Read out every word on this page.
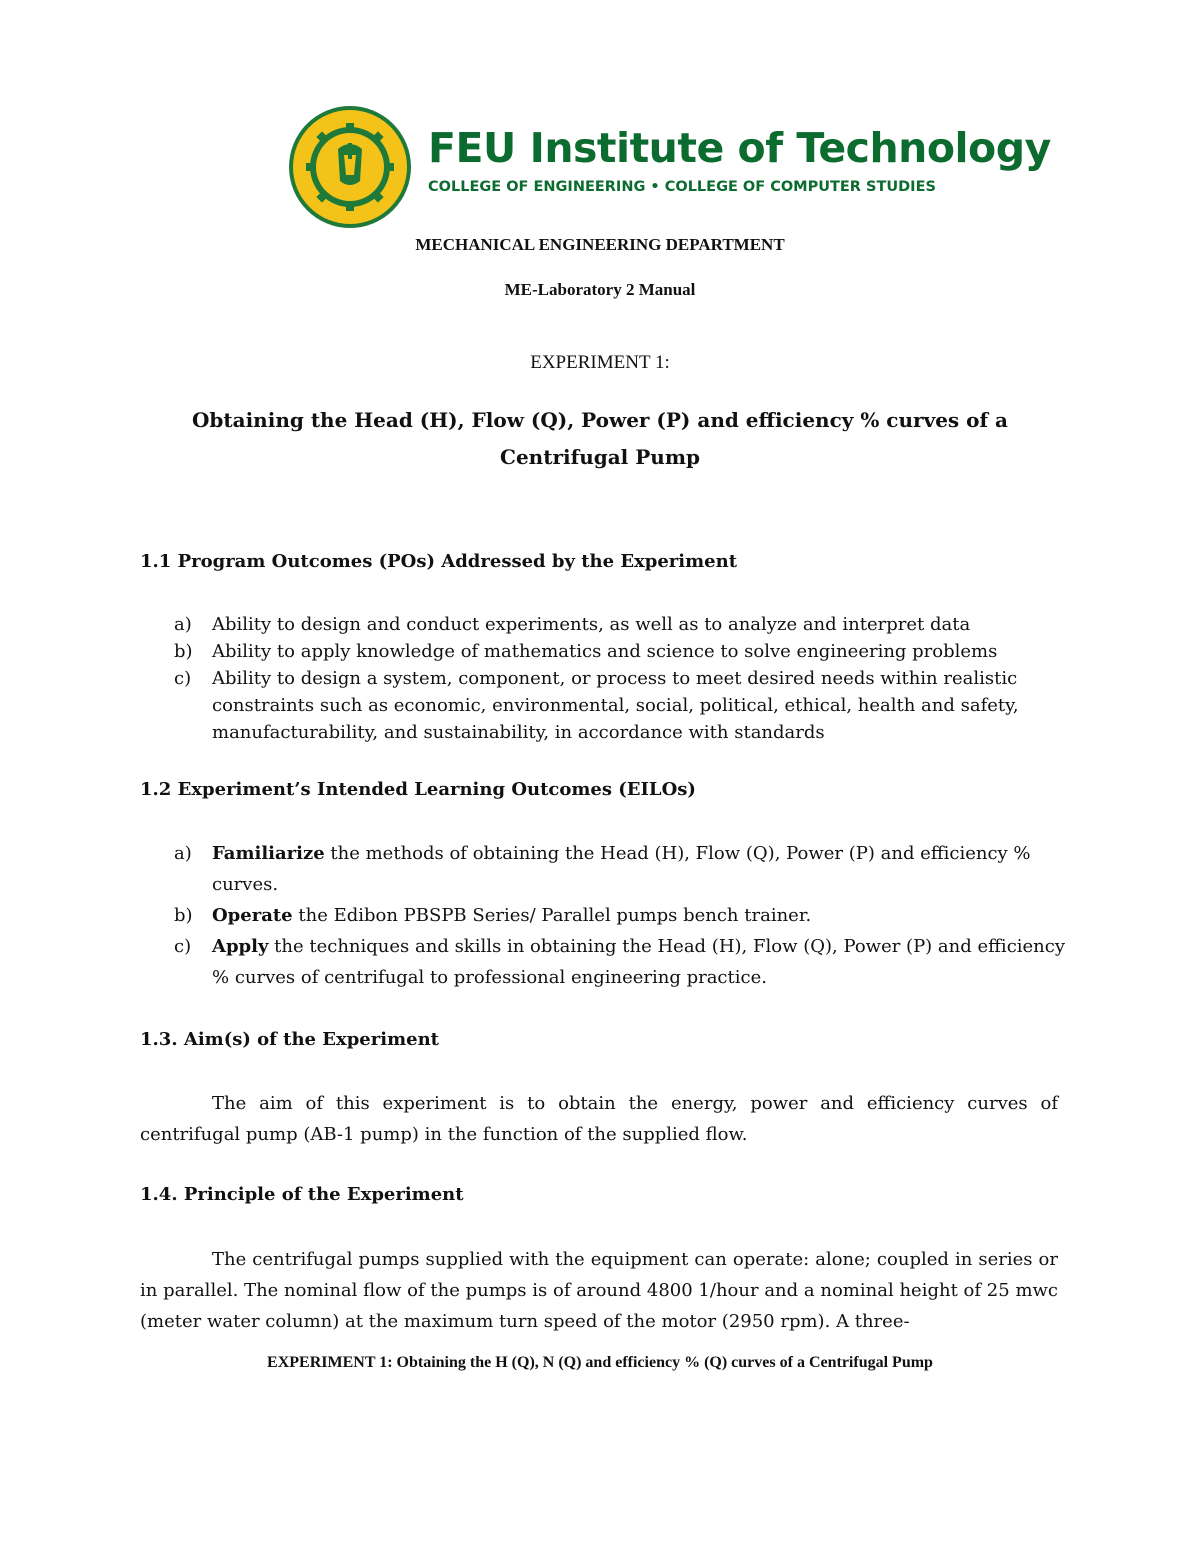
FEU Institute of Technology
COLLEGE OF ENGINEERING • COLLEGE OF COMPUTER STUDIES
MECHANICAL ENGINEERING DEPARTMENT
ME-Laboratory 2 Manual
EXPERIMENT 1:
Obtaining the Head (H), Flow (Q), Power (P) and efficiency % curves of a
Centrifugal Pump
1.1 Program Outcomes (POs) Addressed by the Experiment
a) Ability to design and conduct experiments, as well as to analyze and interpret data
b) Ability to apply knowledge of mathematics and science to solve engineering problems
c) Ability to design a system, component, or process to meet desired needs within realistic constraints such as economic, environmental, social, political, ethical, health and safety, manufacturability, and sustainability, in accordance with standards
1.2 Experiment’s Intended Learning Outcomes (EILOs)
a) Familiarize the methods of obtaining the Head (H), Flow (Q), Power (P) and efficiency % curves.
b) Operate the Edibon PBSPB Series/ Parallel pumps bench trainer.
c) Apply the techniques and skills in obtaining the Head (H), Flow (Q), Power (P) and efficiency % curves of centrifugal to professional engineering practice.
1.3. Aim(s) of the Experiment
The aim of this experiment is to obtain the energy, power and efficiency curves of centrifugal pump (AB-1 pump) in the function of the supplied flow.
1.4. Principle of the Experiment
The centrifugal pumps supplied with the equipment can operate: alone; coupled in series or in parallel. The nominal flow of the pumps is of around 4800 1/hour and a nominal height of 25 mwc (meter water column) at the maximum turn speed of the motor (2950 rpm). A three-
EXPERIMENT 1: Obtaining the H (Q), N (Q) and efficiency % (Q) curves of a Centrifugal Pump
